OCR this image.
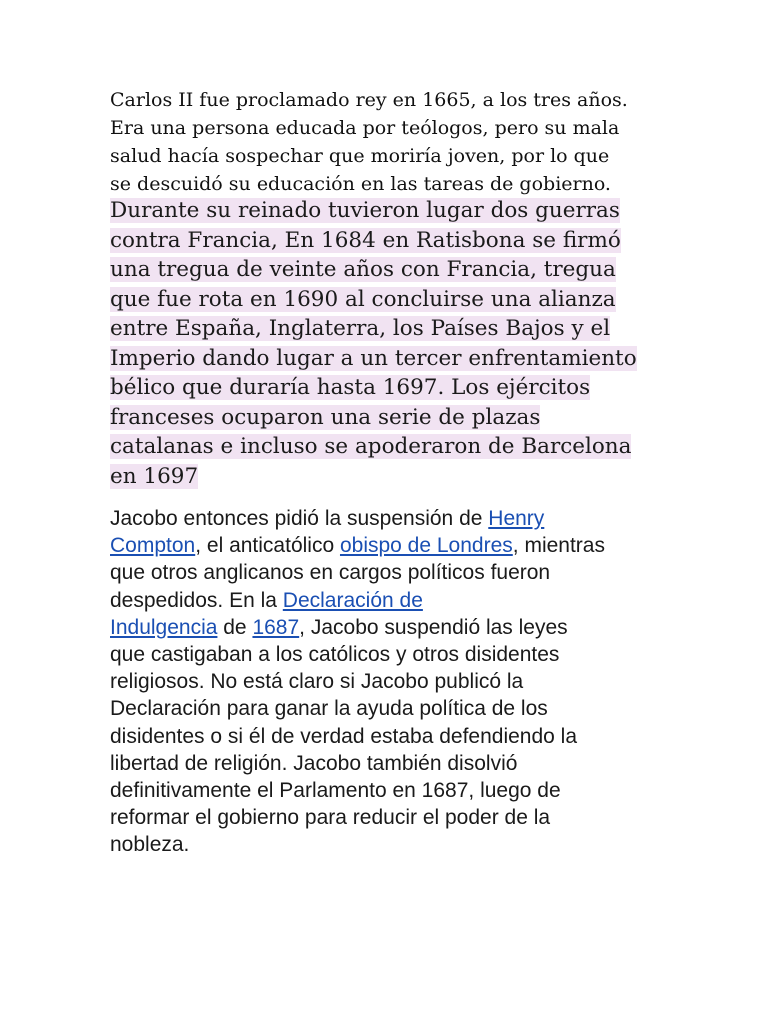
Carlos II fue proclamado rey en 1665, a los tres años.
Era una persona educada por teólogos, pero su mala
salud hacía sospechar que moriría joven, por lo que
se descuidó su educación en las tareas de gobierno.
Durante su reinado tuvieron lugar dos guerras
contra Francia, En 1684 en Ratisbona se firmó
una tregua de veinte años con Francia, tregua
que fue rota en 1690 al concluirse una alianza
entre España, Inglaterra, los Países Bajos y el
Imperio dando lugar a un tercer enfrentamiento
bélico que duraría hasta 1697. Los ejércitos
franceses ocuparon una serie de plazas
catalanas e incluso se apoderaron de Barcelona
en 1697
Jacobo entonces pidió la suspensión de Henry
Compton, el anticatólico obispo de Londres, mientras
que otros anglicanos en cargos políticos fueron
despedidos. En la Declaración de
Indulgencia de 1687, Jacobo suspendió las leyes
que castigaban a los católicos y otros disidentes
religiosos. No está claro si Jacobo publicó la
Declaración para ganar la ayuda política de los
disidentes o si él de verdad estaba defendiendo la
libertad de religión. Jacobo también disolvió
definitivamente el Parlamento en 1687, luego de
reformar el gobierno para reducir el poder de la
nobleza.
